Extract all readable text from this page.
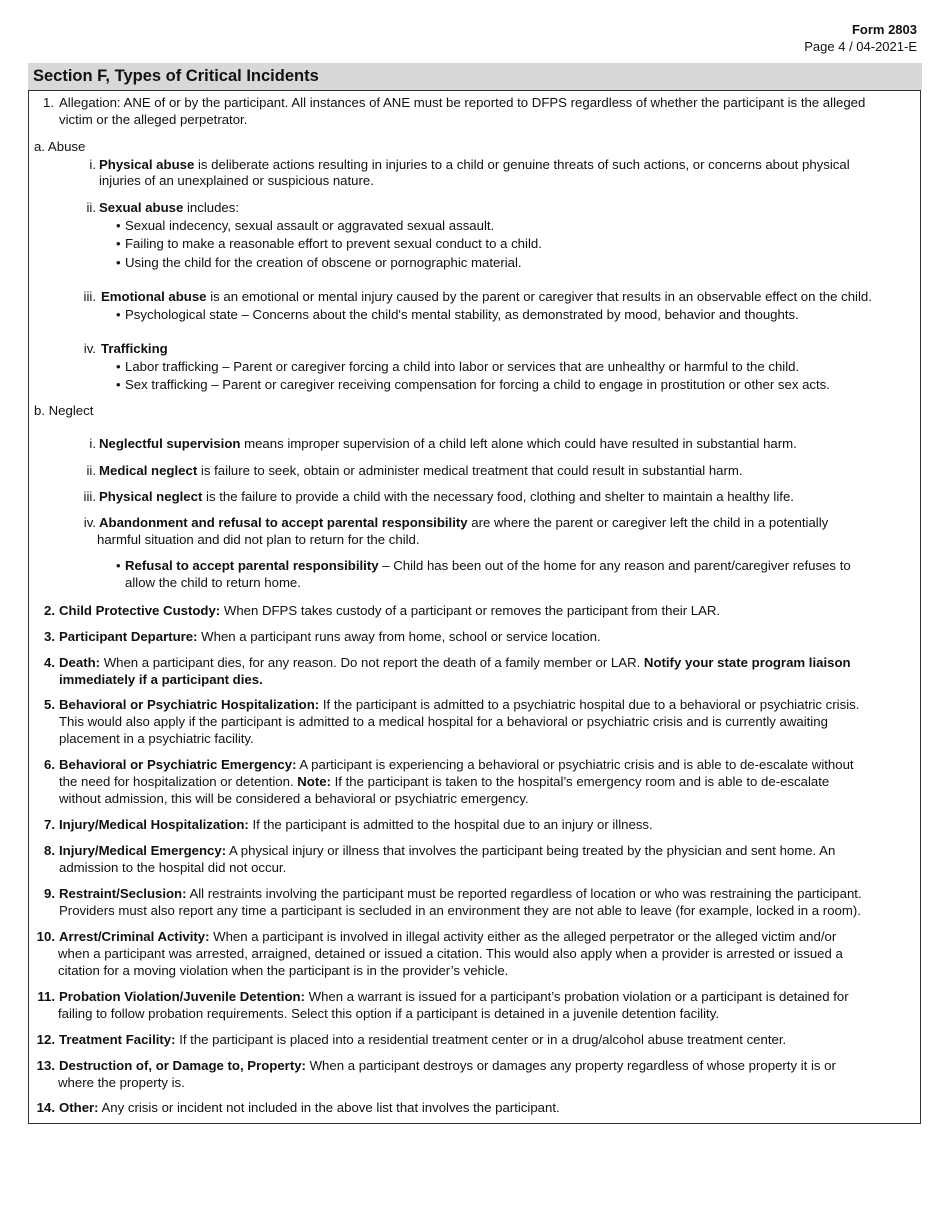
Form 2803
Page 4 / 04-2021-E
Section F, Types of Critical Incidents
1. Allegation: ANE of or by the participant. All instances of ANE must be reported to DFPS regardless of whether the participant is the alleged
victim or the alleged perpetrator.
a. Abuse
i. Physical abuse is deliberate actions resulting in injuries to a child or genuine threats of such actions, or concerns about physical
injuries of an unexplained or suspicious nature.
ii. Sexual abuse includes:
• Sexual indecency, sexual assault or aggravated sexual assault.
• Failing to make a reasonable effort to prevent sexual conduct to a child.
• Using the child for the creation of obscene or pornographic material.
iii. Emotional abuse is an emotional or mental injury caused by the parent or caregiver that results in an observable effect on the child.
• Psychological state – Concerns about the child's mental stability, as demonstrated by mood, behavior and thoughts.
iv. Trafficking
• Labor trafficking – Parent or caregiver forcing a child into labor or services that are unhealthy or harmful to the child.
• Sex trafficking – Parent or caregiver receiving compensation for forcing a child to engage in prostitution or other sex acts.
b. Neglect
i. Neglectful supervision means improper supervision of a child left alone which could have resulted in substantial harm.
ii. Medical neglect is failure to seek, obtain or administer medical treatment that could result in substantial harm.
iii. Physical neglect is the failure to provide a child with the necessary food, clothing and shelter to maintain a healthy life.
iv. Abandonment and refusal to accept parental responsibility are where the parent or caregiver left the child in a potentially
harmful situation and did not plan to return for the child.
• Refusal to accept parental responsibility – Child has been out of the home for any reason and parent/caregiver refuses to
allow the child to return home.
2. Child Protective Custody: When DFPS takes custody of a participant or removes the participant from their LAR.
3. Participant Departure: When a participant runs away from home, school or service location.
4. Death: When a participant dies, for any reason. Do not report the death of a family member or LAR. Notify your state program liaison
immediately if a participant dies.
5. Behavioral or Psychiatric Hospitalization: If the participant is admitted to a psychiatric hospital due to a behavioral or psychiatric crisis.
This would also apply if the participant is admitted to a medical hospital for a behavioral or psychiatric crisis and is currently awaiting
placement in a psychiatric facility.
6. Behavioral or Psychiatric Emergency: A participant is experiencing a behavioral or psychiatric crisis and is able to de-escalate without
the need for hospitalization or detention. Note: If the participant is taken to the hospital’s emergency room and is able to de-escalate
without admission, this will be considered a behavioral or psychiatric emergency.
7. Injury/Medical Hospitalization: If the participant is admitted to the hospital due to an injury or illness.
8. Injury/Medical Emergency: A physical injury or illness that involves the participant being treated by the physician and sent home. An
admission to the hospital did not occur.
9. Restraint/Seclusion: All restraints involving the participant must be reported regardless of location or who was restraining the participant.
Providers must also report any time a participant is secluded in an environment they are not able to leave (for example, locked in a room).
10. Arrest/Criminal Activity: When a participant is involved in illegal activity either as the alleged perpetrator or the alleged victim and/or
when a participant was arrested, arraigned, detained or issued a citation. This would also apply when a provider is arrested or issued a
citation for a moving violation when the participant is in the provider’s vehicle.
11. Probation Violation/Juvenile Detention: When a warrant is issued for a participant’s probation violation or a participant is detained for
failing to follow probation requirements. Select this option if a participant is detained in a juvenile detention facility.
12. Treatment Facility: If the participant is placed into a residential treatment center or in a drug/alcohol abuse treatment center.
13. Destruction of, or Damage to, Property: When a participant destroys or damages any property regardless of whose property it is or
where the property is.
14. Other: Any crisis or incident not included in the above list that involves the participant.
